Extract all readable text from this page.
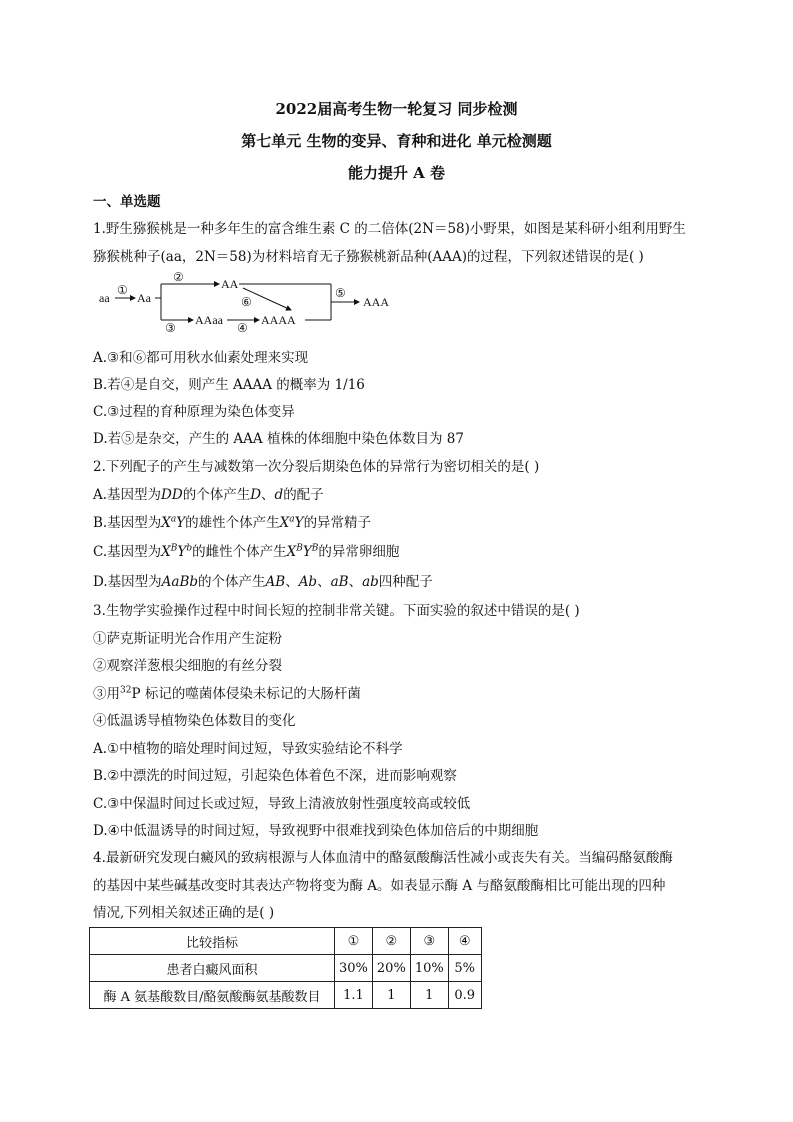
2022届高考生物一轮复习 同步检测
第七单元 生物的变异、育种和进化 单元检测题
能力提升 A 卷
一、单选题
1.野生猕猴桃是一种多年生的富含维生素 C 的二倍体(2N＝58)小野果，如图是某科研小组利用野生
猕猴桃种子(aa，2N＝58)为材料培育无子猕猴桃新品种(AAA)的过程，下列叙述错误的是( )
aa
①
Aa
②	AA
③
AAaa
④
AAAA
⑥
⑤
AAA
A.③和⑥都可用秋水仙素处理来实现
B.若④是自交，则产生 AAAA 的概率为 1/16
C.③过程的育种原理为染色体变异
D.若⑤是杂交，产生的 AAA 植株的体细胞中染色体数目为 87
2.下列配子的产生与减数第一次分裂后期染色体的异常行为密切相关的是( )
A.基因型为DD的个体产生D、d的配子
B.基因型为$X^aY$的雄性个体产生$X^aY$的异常精子
C.基因型为$X^BY^b$的雌性个体产生$X^BY^B$的异常卵细胞
D.基因型为AaBb的个体产生AB、Ab、aB、ab四种配子
3.生物学实验操作过程中时间长短的控制非常关键。下面实验的叙述中错误的是( )
①萨克斯证明光合作用产生淀粉
②观察洋葱根尖细胞的有丝分裂
③用$^{32}$P 标记的噬菌体侵染未标记的大肠杆菌
④低温诱导植物染色体数目的变化
A.①中植物的暗处理时间过短，导致实验结论不科学
B.②中漂洗的时间过短，引起染色体着色不深，进而影响观察
C.③中保温时间过长或过短，导致上清液放射性强度较高或较低
D.④中低温诱导的时间过短，导致视野中很难找到染色体加倍后的中期细胞
4.最新研究发现白癜风的致病根源与人体血清中的酪氨酸酶活性减小或丧失有关。当编码酪氨酸酶
的基因中某些碱基改变时其表达产物将变为酶 A。如表显示酶 A 与酪氨酸酶相比可能出现的四种
情况,下列相关叙述正确的是( )
比较指标	①	②	③	④
患者白癜风面积	30%	20%	10%	5%
酶 A 氨基酸数目/酪氨酸酶氨基酸数目	1.1	1	1	0.9
